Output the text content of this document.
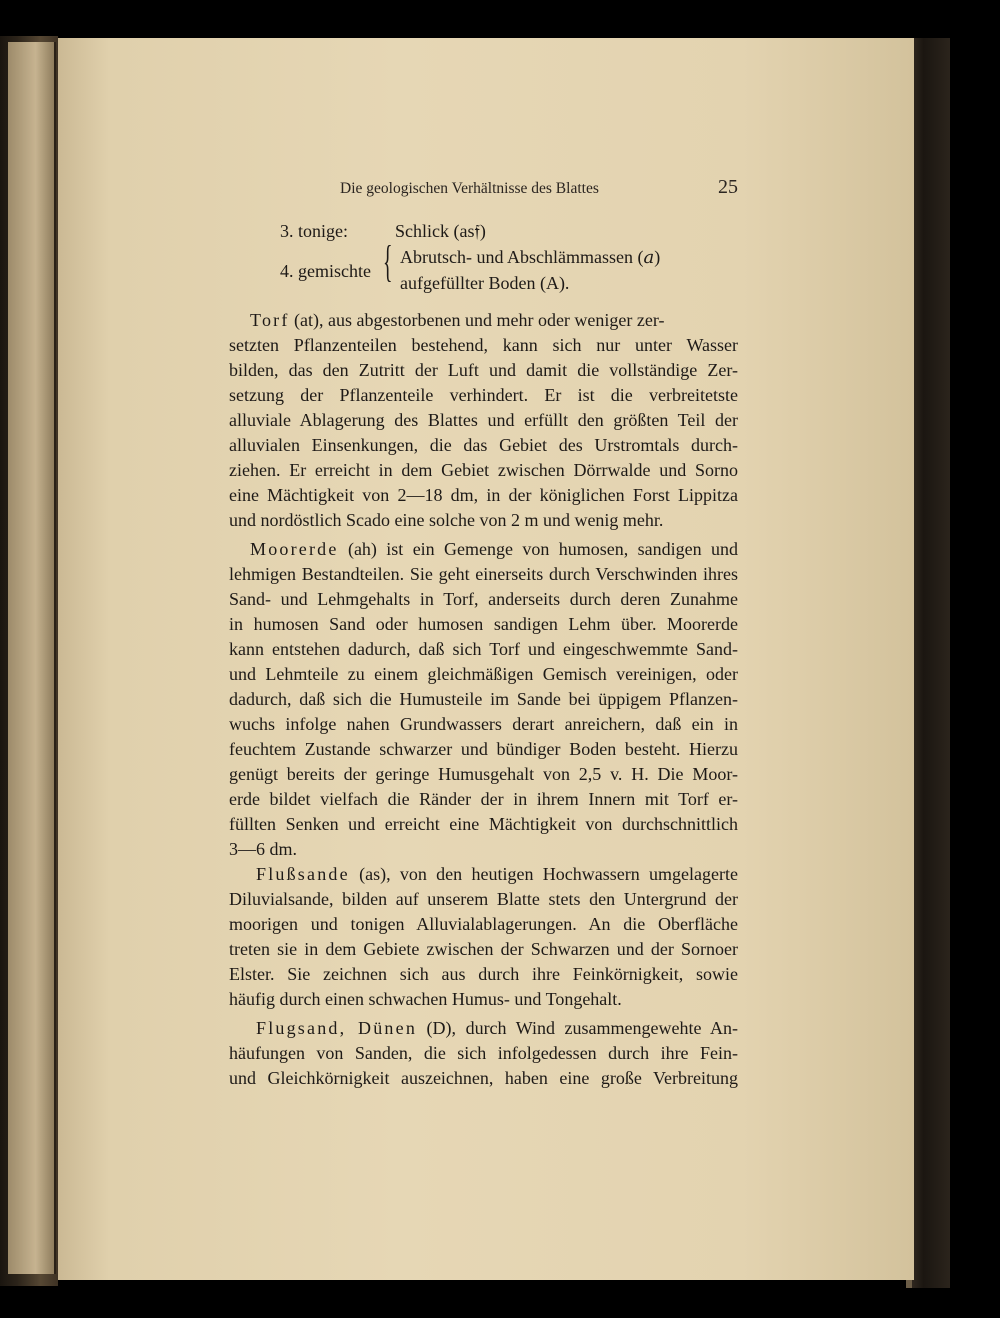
Die geologischen Verhältnisse des Blattes	25
3. tonige:	Schlick (as𝔣)
4. gemischte { Abrutsch- und Abschlämmassen (𝑎)
aufgefüllter Boden (A).
Torf (at), aus abgestorbenen und mehr oder weniger zer-
setzten Pflanzenteilen bestehend, kann sich nur unter Wasser
bilden, das den Zutritt der Luft und damit die vollständige Zer-
setzung der Pflanzenteile verhindert. Er ist die verbreitetste
alluviale Ablagerung des Blattes und erfüllt den größten Teil der
alluvialen Einsenkungen, die das Gebiet des Urstromtals durch-
ziehen. Er erreicht in dem Gebiet zwischen Dörrwalde und Sorno
eine Mächtigkeit von 2—18 dm, in der königlichen Forst Lippitza
und nordöstlich Scado eine solche von 2 m und wenig mehr.
Moorerde (ah) ist ein Gemenge von humosen, sandigen und
lehmigen Bestandteilen. Sie geht einerseits durch Verschwinden ihres
Sand- und Lehmgehalts in Torf, anderseits durch deren Zunahme
in humosen Sand oder humosen sandigen Lehm über. Moorerde
kann entstehen dadurch, daß sich Torf und eingeschwemmte Sand-
und Lehmteile zu einem gleichmäßigen Gemisch vereinigen, oder
dadurch, daß sich die Humusteile im Sande bei üppigem Pflanzen-
wuchs infolge nahen Grundwassers derart anreichern, daß ein in
feuchtem Zustande schwarzer und bündiger Boden besteht. Hierzu
genügt bereits der geringe Humusgehalt von 2,5 v. H. Die Moor-
erde bildet vielfach die Ränder der in ihrem Innern mit Torf er-
füllten Senken und erreicht eine Mächtigkeit von durchschnittlich
3—6 dm.
Flußsande (as), von den heutigen Hochwassern umgelagerte
Diluvialsande, bilden auf unserem Blatte stets den Untergrund der
moorigen und tonigen Alluvialablagerungen. An die Oberfläche
treten sie in dem Gebiete zwischen der Schwarzen und der Sornoer
Elster. Sie zeichnen sich aus durch ihre Feinkörnigkeit, sowie
häufig durch einen schwachen Humus- und Tongehalt.
Flugsand, Dünen (D), durch Wind zusammengewehte An-
häufungen von Sanden, die sich infolgedessen durch ihre Fein-
und Gleichkörnigkeit auszeichnen, haben eine große Verbreitung
